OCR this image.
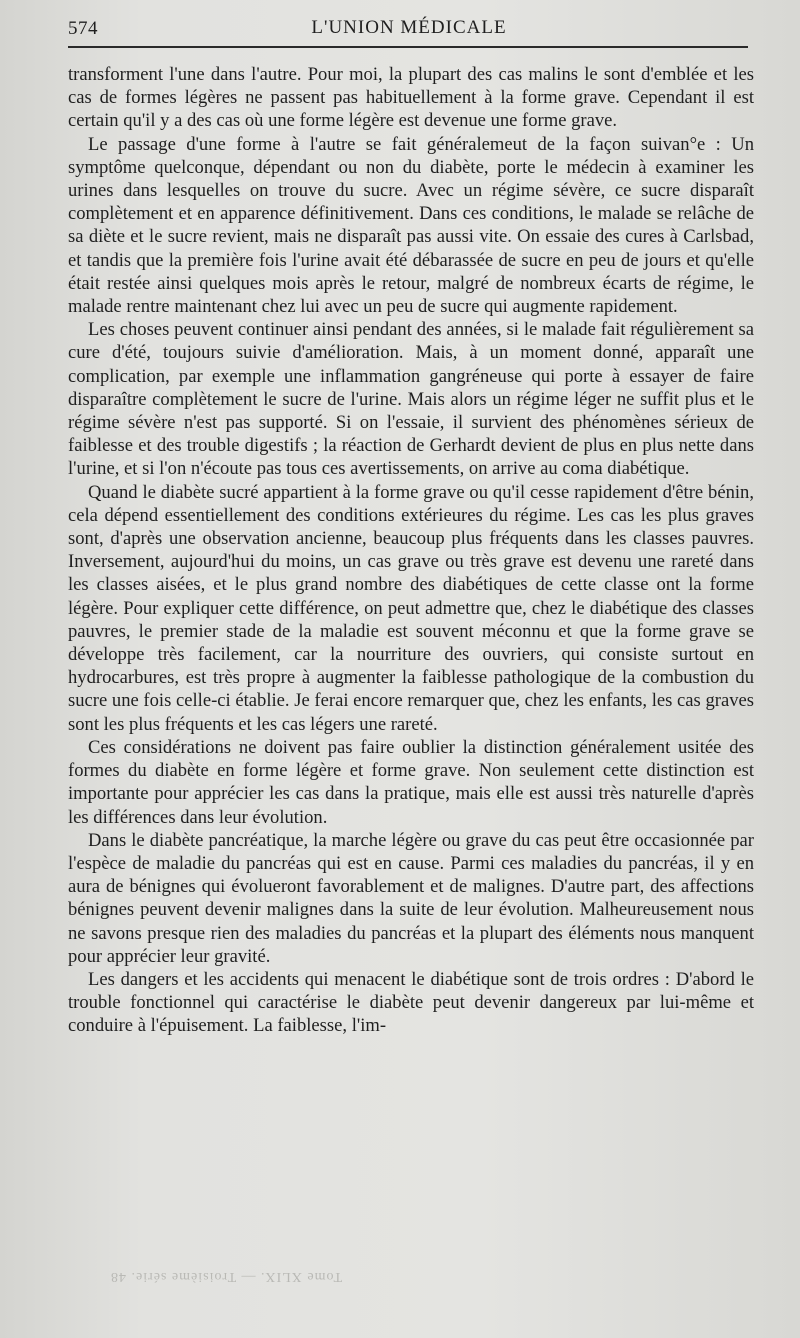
574	L'UNION MÉDICALE

transforment l'une dans l'autre. Pour moi, la plupart des cas malins le sont d'emblée et les cas de formes légères ne passent pas habituellement à la forme grave. Cependant il est certain qu'il y a des cas où une forme légère est devenue une forme grave.

Le passage d'une forme à l'autre se fait généralemeut de la façon suivan°e : Un symptôme quelconque, dépendant ou non du diabète, porte le médecin à examiner les urines dans lesquelles on trouve du sucre. Avec un régime sévère, ce sucre disparaît complètement et en apparence définitivement. Dans ces conditions, le malade se relâche de sa diète et le sucre revient, mais ne disparaît pas aussi vite. On essaie des cures à Carlsbad, et tandis que la première fois l'urine avait été débarassée de sucre en peu de jours et qu'elle était restée ainsi quelques mois après le retour, malgré de nombreux écarts de régime, le malade rentre maintenant chez lui avec un peu de sucre qui augmente rapidement.

Les choses peuvent continuer ainsi pendant des années, si le malade fait régulièrement sa cure d'été, toujours suivie d'amélioration. Mais, à un moment donné, apparaît une complication, par exemple une inflammation gangréneuse qui porte à essayer de faire disparaître complètement le sucre de l'urine. Mais alors un régime léger ne suffit plus et le régime sévère n'est pas supporté. Si on l'essaie, il survient des phénomènes sérieux de faiblesse et des trouble digestifs ; la réaction de Gerhardt devient de plus en plus nette dans l'urine, et si l'on n'écoute pas tous ces avertissements, on arrive au coma diabétique.

Quand le diabète sucré appartient à la forme grave ou qu'il cesse rapidement d'être bénin, cela dépend essentiellement des conditions extérieures du régime. Les cas les plus graves sont, d'après une observation ancienne, beaucoup plus fréquents dans les classes pauvres. Inversement, aujourd'hui du moins, un cas grave ou très grave est devenu une rareté dans les classes aisées, et le plus grand nombre des diabétiques de cette classe ont la forme légère. Pour expliquer cette différence, on peut admettre que, chez le diabétique des classes pauvres, le premier stade de la maladie est souvent méconnu et que la forme grave se développe très facilement, car la nourriture des ouvriers, qui consiste surtout en hydrocarbures, est très propre à augmenter la faiblesse pathologique de la combustion du sucre une fois celle-ci établie. Je ferai encore remarquer que, chez les enfants, les cas graves sont les plus fréquents et les cas légers une rareté.

Ces considérations ne doivent pas faire oublier la distinction généralement usitée des formes du diabète en forme légère et forme grave. Non seulement cette distinction est importante pour apprécier les cas dans la pratique, mais elle est aussi très naturelle d'après les différences dans leur évolution.

Dans le diabète pancréatique, la marche légère ou grave du cas peut être occasionnée par l'espèce de maladie du pancréas qui est en cause. Parmi ces maladies du pancréas, il y en aura de bénignes qui évolueront favorablement et de malignes. D'autre part, des affections bénignes peuvent devenir malignes dans la suite de leur évolution. Malheureusement nous ne savons presque rien des maladies du pancréas et la plupart des éléments nous manquent pour apprécier leur gravité.

Les dangers et les accidents qui menacent le diabétique sont de trois ordres : D'abord le trouble fonctionnel qui caractérise le diabète peut devenir dangereux par lui-même et conduire à l'épuisement. La faiblesse, l'im-

Tome XLIX. — Troisième série. 48
